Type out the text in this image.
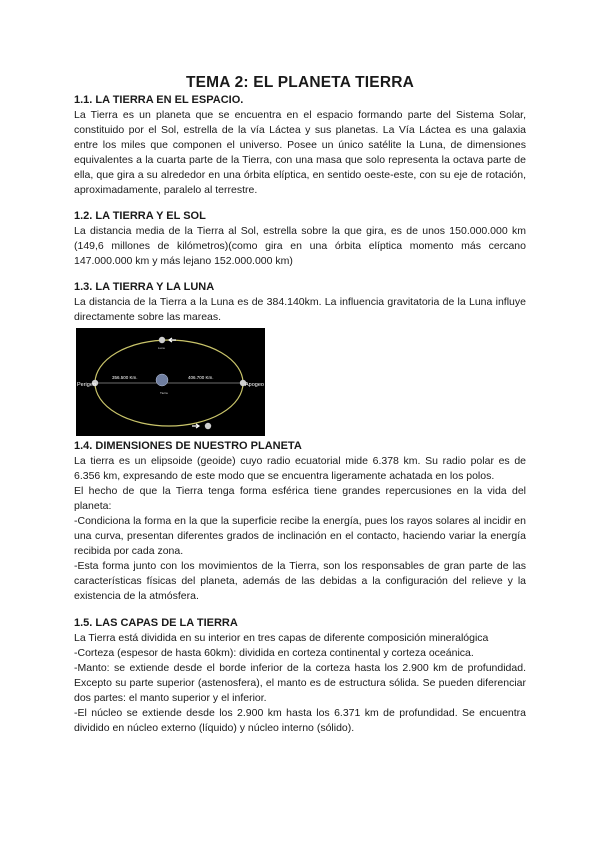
TEMA 2: EL PLANETA TIERRA
1.1. LA TIERRA EN EL ESPACIO.

La Tierra es un planeta que se encuentra en el espacio formando parte del Sistema Solar, constituido por el Sol, estrella de la vía Láctea y sus planetas. La Vía Láctea es una galaxia entre los miles que componen el universo. Posee un único satélite la Luna, de dimensiones equivalentes a la cuarta parte de la Tierra, con una masa que solo representa la octava parte de ella, que gira a su alrededor en una órbita elíptica, en sentido oeste-este, con su eje de rotación, aproximadamente, paralelo al terrestre.

1.2. LA TIERRA Y EL SOL

La distancia media de la Tierra al Sol, estrella sobre la que gira, es de unos 150.000.000 km (149,6 millones de kilómetros)(como gira en una órbita elíptica momento más cercano 147.000.000 km y más lejano 152.000.000 km)

1.3. LA TIERRA Y LA LUNA

La distancia de la Tierra a la Luna es de 384.140km. La influencia gravitatoria de la Luna influye directamente sobre las mareas.

Perigeo	Apogeo
356.500 Km.	406.700 Km.
Luna
Tierra
1.4. DIMENSIONES DE NUESTRO PLANETA

La tierra es un elipsoide (geoide) cuyo radio ecuatorial mide 6.378 km. Su radio polar es de 6.356 km, expresando de este modo que se encuentra ligeramente achatada en los polos.

El hecho de que la Tierra tenga forma esférica tiene grandes repercusiones en la vida del planeta:

-Condiciona la forma en la que la superficie recibe la energía, pues los rayos solares al incidir en una curva, presentan diferentes grados de inclinación en el contacto, haciendo variar la energía recibida por cada zona.

-Esta forma junto con los movimientos de la Tierra, son los responsables de gran parte de las características físicas del planeta, además de las debidas a la configuración del relieve y la existencia de la atmósfera.

1.5. LAS CAPAS DE LA TIERRA

La Tierra está dividida en su interior en tres capas de diferente composición mineralógica

-Corteza (espesor de hasta 60km): dividida en corteza continental y corteza oceánica.

-Manto: se extiende desde el borde inferior de la corteza hasta los 2.900 km de profundidad. Excepto su parte superior (astenosfera), el manto es de estructura sólida. Se pueden diferenciar dos partes: el manto superior y el inferior.

-El núcleo se extiende desde los 2.900 km hasta los 6.371 km de profundidad. Se encuentra dividido en núcleo externo (líquido) y núcleo interno (sólido).
